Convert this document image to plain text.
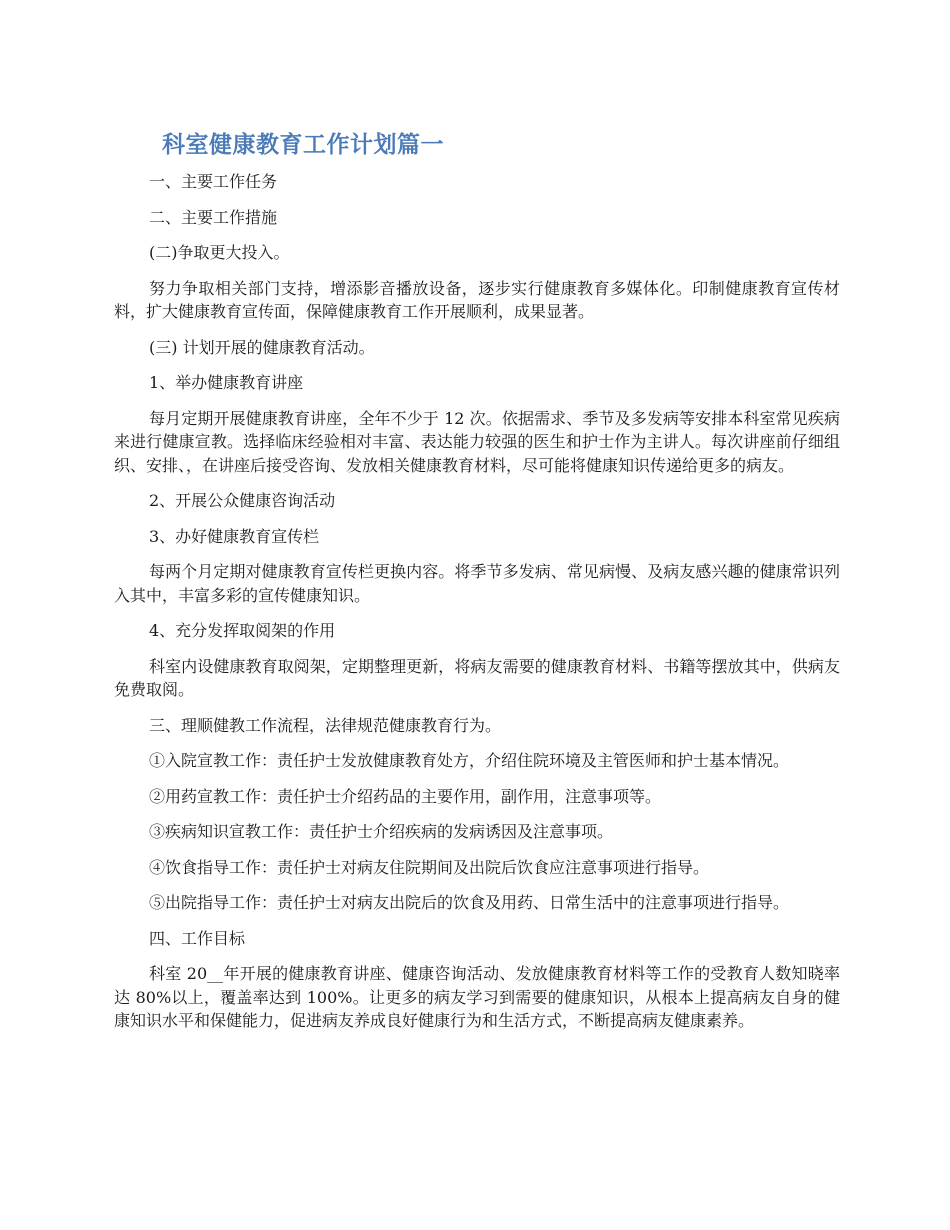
科室健康教育工作计划篇一

一、主要工作任务

二、主要工作措施

(二)争取更大投入。

努力争取相关部门支持，增添影音播放设备，逐步实行健康教育多媒体化。印制健康教育宣传材料，扩大健康教育宣传面，保障健康教育工作开展顺利，成果显著。

(三) 计划开展的健康教育活动。

1、举办健康教育讲座

每月定期开展健康教育讲座，全年不少于 12 次。依据需求、季节及多发病等安排本科室常见疾病来进行健康宣教。选择临床经验相对丰富、表达能力较强的医生和护士作为主讲人。每次讲座前仔细组织、安排、，在讲座后接受咨询、发放相关健康教育材料，尽可能将健康知识传递给更多的病友。

2、开展公众健康咨询活动

3、办好健康教育宣传栏

每两个月定期对健康教育宣传栏更换内容。将季节多发病、常见病慢、及病友感兴趣的健康常识列入其中，丰富多彩的宣传健康知识。

4、充分发挥取阅架的作用

科室内设健康教育取阅架，定期整理更新，将病友需要的健康教育材料、书籍等摆放其中，供病友免费取阅。

三、理顺健教工作流程，法律规范健康教育行为。

①入院宣教工作：责任护士发放健康教育处方，介绍住院环境及主管医师和护士基本情况。

②用药宣教工作：责任护士介绍药品的主要作用，副作用，注意事项等。

③疾病知识宣教工作：责任护士介绍疾病的发病诱因及注意事项。

④饮食指导工作：责任护士对病友住院期间及出院后饮食应注意事项进行指导。

⑤出院指导工作：责任护士对病友出院后的饮食及用药、日常生活中的注意事项进行指导。

四、工作目标

科室 20__年开展的健康教育讲座、健康咨询活动、发放健康教育材料等工作的受教育人数知晓率达 80%以上，覆盖率达到 100%。让更多的病友学习到需要的健康知识，从根本上提高病友自身的健康知识水平和保健能力，促进病友养成良好健康行为和生活方式，不断提高病友健康素养。
